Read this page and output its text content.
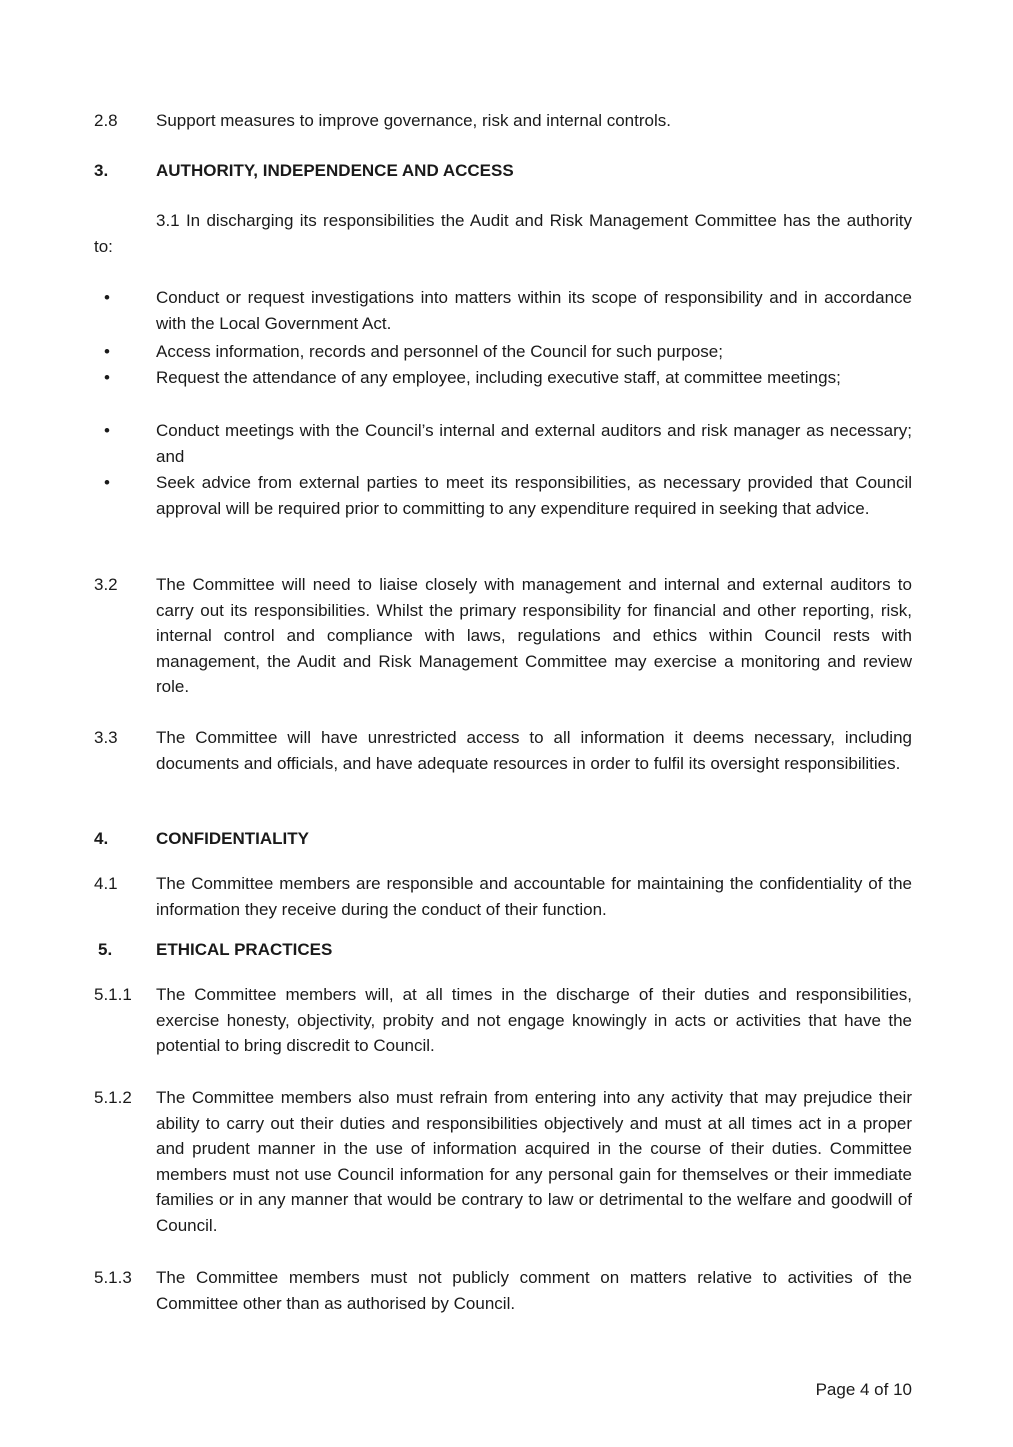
2.8 Support measures to improve governance, risk and internal controls.
3.	AUTHORITY, INDEPENDENCE AND ACCESS
3.1 In discharging its responsibilities the Audit and Risk Management Committee has the authority to:
•	Conduct or request investigations into matters within its scope of responsibility and in accordance with the Local Government Act.
•	Access information, records and personnel of the Council for such purpose;
•	Request the attendance of any employee, including executive staff, at committee meetings;
•	Conduct meetings with the Council’s internal and external auditors and risk manager as necessary; and
•	Seek advice from external parties to meet its responsibilities, as necessary provided that Council approval will be required prior to committing to any expenditure required in seeking that advice.
3.2 The Committee will need to liaise closely with management and internal and external auditors to carry out its responsibilities. Whilst the primary responsibility for financial and other reporting, risk, internal control and compliance with laws, regulations and ethics within Council rests with management, the Audit and Risk Management Committee may exercise a monitoring and review role.
3.3 The Committee will have unrestricted access to all information it deems necessary, including documents and officials, and have adequate resources in order to fulfil its oversight responsibilities.
4.	CONFIDENTIALITY
4.1 The Committee members are responsible and accountable for maintaining the confidentiality of the information they receive during the conduct of their function.
5.	ETHICAL PRACTICES
5.1.1 The Committee members will, at all times in the discharge of their duties and responsibilities, exercise honesty, objectivity, probity and not engage knowingly in acts or activities that have the potential to bring discredit to Council.
5.1.2 The Committee members also must refrain from entering into any activity that may prejudice their ability to carry out their duties and responsibilities objectively and must at all times act in a proper and prudent manner in the use of information acquired in the course of their duties. Committee members must not use Council information for any personal gain for themselves or their immediate families or in any manner that would be contrary to law or detrimental to the welfare and goodwill of Council.
5.1.3 The Committee members must not publicly comment on matters relative to activities of the Committee other than as authorised by Council.
Page 4 of 10
